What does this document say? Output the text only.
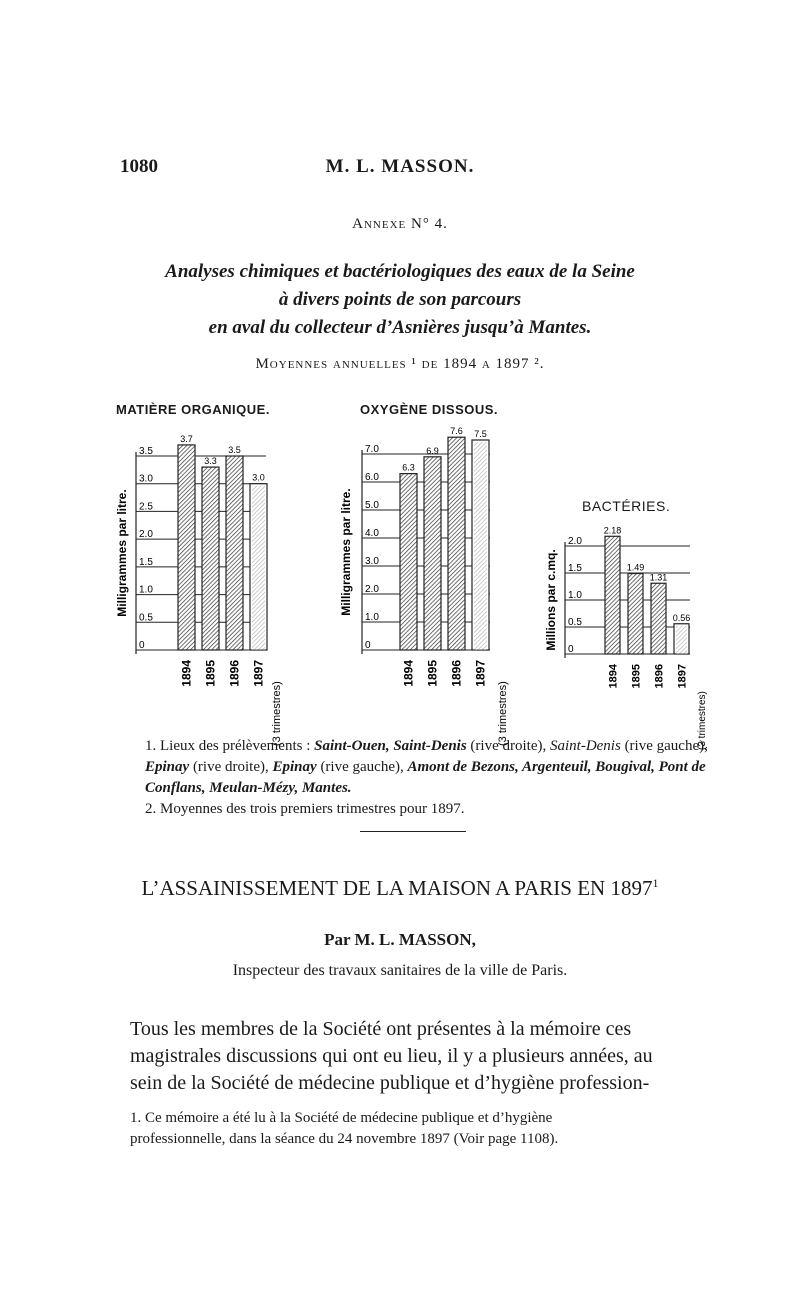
1080	M. L. MASSON.
Annexe N° 4.
Analyses chimiques et bactériologiques des eaux de la Seine
à divers points de son parcours
en aval du collecteur d’Asnières jusqu’à Mantes.
Moyennes annuelles ¹ de 1894 a 1897 ².
MATIÈRE ORGANIQUE.
Milligrammes par litre.
0
0.5
1.0
1.5
2.0
2.5
3.0
3.5
3.7
1894
3.3
1895
3.5
1896
3.0
1897
(3 trimestres)
OXYGÈNE DISSOUS.
Milligrammes par litre.
0
1.0
2.0
3.0
4.0
5.0
6.0
7.0
6.3
1894
6.9
1895
7.6
1896
7.5
1897
(3 trimestres)
BACTÉRIES.
Millions par c.mq. 0
0.5
1.0
1.5
2.0
2.18
1894
1.49
1895
1.31
1896
0.56
1897
(3 trimestres)
1. Lieux des prélèvements : Saint-Ouen, Saint-Denis (rive droite), Saint-Denis (rive gauche), Epinay (rive droite), Epinay (rive gauche), Amont de Bezons, Argenteuil, Bougival, Pont de Conflans, Meulan-Mézy, Mantes.
2. Moyennes des trois premiers trimestres pour 1897.
L’ASSAINISSEMENT DE LA MAISON A PARIS EN 1897$^1$
Par M. L. MASSON,
Inspecteur des travaux sanitaires de la ville de Paris.
Tous les membres de la Société ont présentes à la mémoire ces
magistrales discussions qui ont eu lieu, il y a plusieurs années, au
sein de la Société de médecine publique et d’hygiène profession-
1. Ce mémoire a été lu à la Société de médecine publique et d’hygiène
professionnelle, dans la séance du 24 novembre 1897 (Voir page 1108).
